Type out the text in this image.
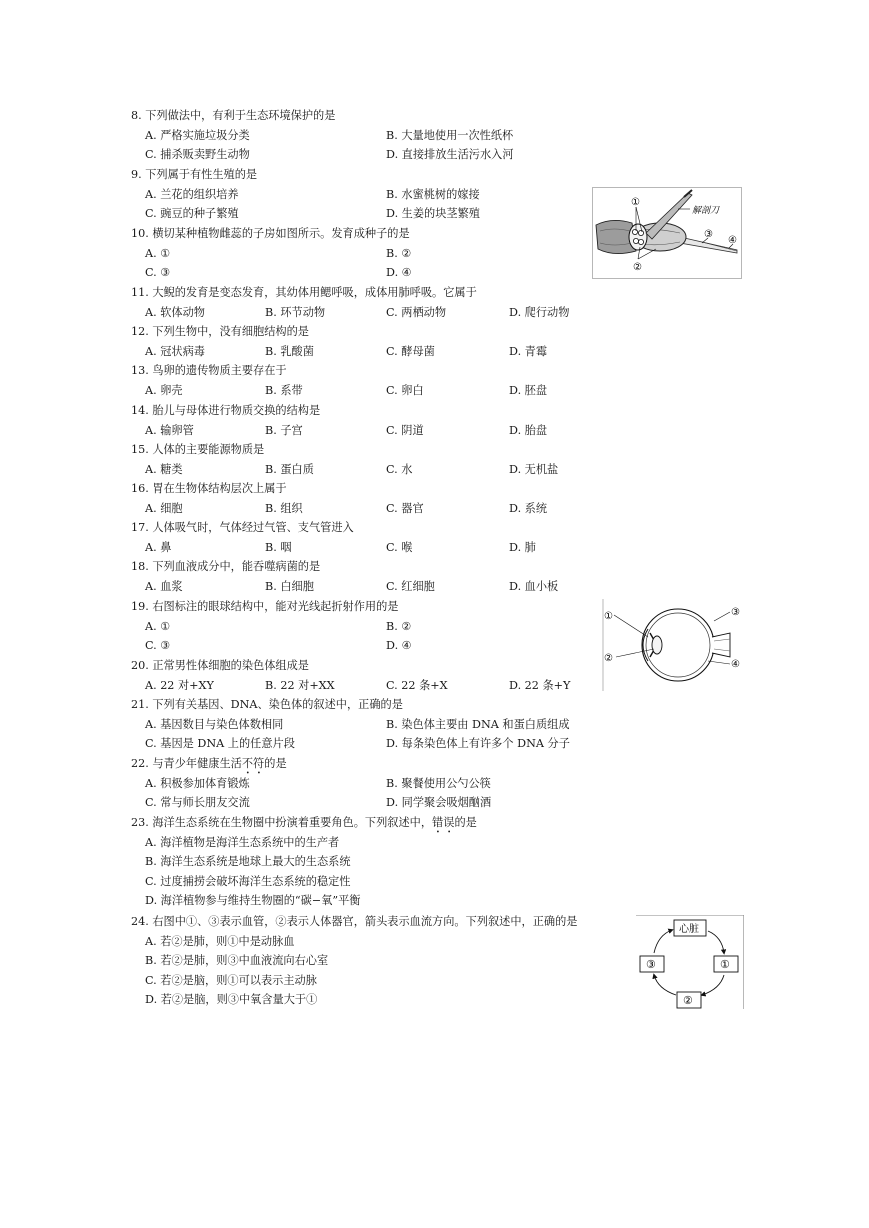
8. 下列做法中，有利于生态环境保护的是
A. 严格实施垃圾分类	B. 大量地使用一次性纸杯
C. 捕杀贩卖野生动物	D. 直接排放生活污水入河
9. 下列属于有性生殖的是
A. 兰花的组织培养	B. 水蜜桃树的嫁接
C. 豌豆的种子繁殖	D. 生姜的块茎繁殖
10. 横切某种植物雌蕊的子房如图所示。发育成种子的是
A. ①	B. ②
C. ③	D. ④
11. 大鲵的发育是变态发育，其幼体用鳃呼吸，成体用肺呼吸。它属于
A. 软体动物	B. 环节动物	C. 两栖动物	D. 爬行动物
12. 下列生物中，没有细胞结构的是
A. 冠状病毒	B. 乳酸菌	C. 酵母菌	D. 青霉
13. 鸟卵的遗传物质主要存在于
A. 卵壳	B. 系带	C. 卵白	D. 胚盘
14. 胎儿与母体进行物质交换的结构是
A. 输卵管	B. 子宫	C. 阴道	D. 胎盘
15. 人体的主要能源物质是
A. 糖类	B. 蛋白质	C. 水	D. 无机盐
16. 胃在生物体结构层次上属于
A. 细胞	B. 组织	C. 器官	D. 系统
17. 人体吸气时，气体经过气管、支气管进入
A. 鼻	B. 咽	C. 喉	D. 肺
18. 下列血液成分中，能吞噬病菌的是
A. 血浆	B. 白细胞	C. 红细胞	D. 血小板
19. 右图标注的眼球结构中，能对光线起折射作用的是
A. ①	B. ②
C. ③	D. ④
20. 正常男性体细胞的染色体组成是
A. 22 对+XY	B. 22 对+XX	C. 22 条+X	D. 22 条+Y
21. 下列有关基因、DNA、染色体的叙述中，正确的是
A. 基因数目与染色体数相同	B. 染色体主要由 DNA 和蛋白质组成
C. 基因是 DNA 上的任意片段	D. 每条染色体上有许多个 DNA 分子
22. 与青少年健康生活不符的是
A. 积极参加体育锻炼	B. 聚餐使用公勺公筷
C. 常与师长朋友交流	D. 同学聚会吸烟酗酒
23. 海洋生态系统在生物圈中扮演着重要角色。下列叙述中，错误的是
A. 海洋植物是海洋生态系统中的生产者
B. 海洋生态系统是地球上最大的生态系统
C. 过度捕捞会破坏海洋生态系统的稳定性
D. 海洋植物参与维持生物圈的“碳−氧”平衡
24. 右图中①、③表示血管，②表示人体器官，箭头表示血流方向。下列叙述中，正确的是
A. 若②是肺，则①中是动脉血
B. 若②是肺，则③中血液流向右心室
C. 若②是脑，则①可以表示主动脉
D. 若②是脑，则③中氧含量大于①
解剖刀
①
②
③
④
①
②
③
④
心脏
①
②
③
